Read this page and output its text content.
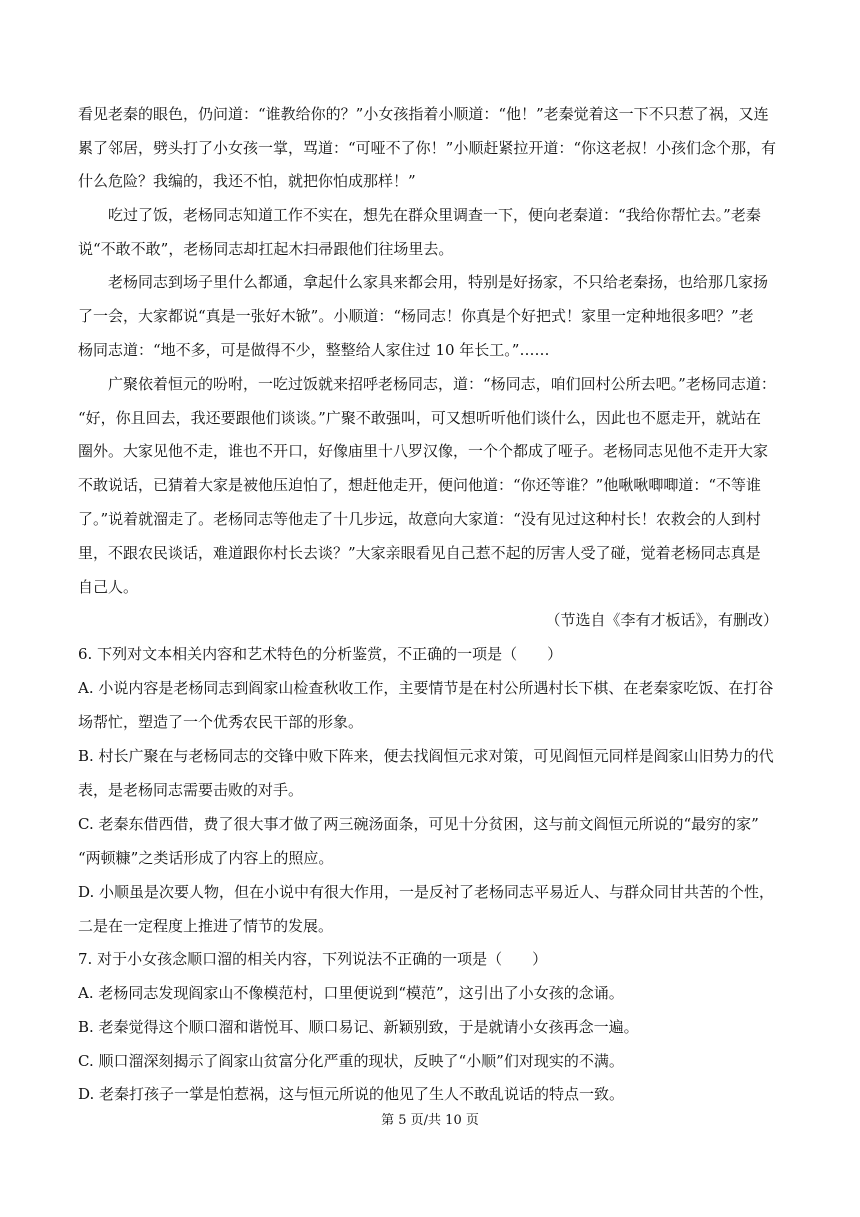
看见老秦的眼色，仍问道：“谁教给你的？”小女孩指着小顺道：“他！”老秦觉着这一下不只惹了祸，又连
累了邻居，劈头打了小女孩一掌，骂道：“可哑不了你！”小顺赶紧拉开道：“你这老叔！小孩们念个那，有
什么危险？我编的，我还不怕，就把你怕成那样！”
吃过了饭，老杨同志知道工作不实在，想先在群众里调查一下，便向老秦道：“我给你帮忙去。”老秦
说“不敢不敢”，老杨同志却扛起木扫帚跟他们往场里去。
老杨同志到场子里什么都通，拿起什么家具来都会用，特别是好扬家，不只给老秦扬，也给那几家扬
了一会，大家都说“真是一张好木锨”。小顺道：“杨同志！你真是个好把式！家里一定种地很多吧？”老
杨同志道：“地不多，可是做得不少，整整给人家住过 10 年长工。”……
广聚依着恒元的吩咐，一吃过饭就来招呼老杨同志，道：“杨同志，咱们回村公所去吧。”老杨同志道：
“好，你且回去，我还要跟他们谈谈。”广聚不敢强叫，可又想听听他们谈什么，因此也不愿走开，就站在
圈外。大家见他不走，谁也不开口，好像庙里十八罗汉像，一个个都成了哑子。老杨同志见他不走开大家
不敢说话，已猜着大家是被他压迫怕了，想赶他走开，便问他道：“你还等谁？”他啾啾唧唧道：“不等谁
了。”说着就溜走了。老杨同志等他走了十几步远，故意向大家道：“没有见过这种村长！农救会的人到村
里，不跟农民谈话，难道跟你村长去谈？”大家亲眼看见自己惹不起的厉害人受了碰，觉着老杨同志真是
自己人。
（节选自《李有才板话》，有删改）
6. 下列对文本相关内容和艺术特色的分析鉴赏，不正确的一项是（　　）
A. 小说内容是老杨同志到阎家山检查秋收工作，主要情节是在村公所遇村长下棋、在老秦家吃饭、在打谷
场帮忙，塑造了一个优秀农民干部的形象。
B. 村长广聚在与老杨同志的交锋中败下阵来，便去找阎恒元求对策，可见阎恒元同样是阎家山旧势力的代
表，是老杨同志需要击败的对手。
C. 老秦东借西借，费了很大事才做了两三碗汤面条，可见十分贫困，这与前文阎恒元所说的“最穷的家”
“两顿糠”之类话形成了内容上的照应。
D. 小顺虽是次要人物，但在小说中有很大作用，一是反衬了老杨同志平易近人、与群众同甘共苦的个性，
二是在一定程度上推进了情节的发展。
7. 对于小女孩念顺口溜的相关内容，下列说法不正确的一项是（　　）
A. 老杨同志发现阎家山不像模范村，口里便说到“模范”，这引出了小女孩的念诵。
B. 老秦觉得这个顺口溜和谐悦耳、顺口易记、新颖别致，于是就请小女孩再念一遍。
C. 顺口溜深刻揭示了阎家山贫富分化严重的现状，反映了“小顺”们对现实的不满。
D. 老秦打孩子一掌是怕惹祸，这与恒元所说的他见了生人不敢乱说话的特点一致。
第 5 页/共 10 页
